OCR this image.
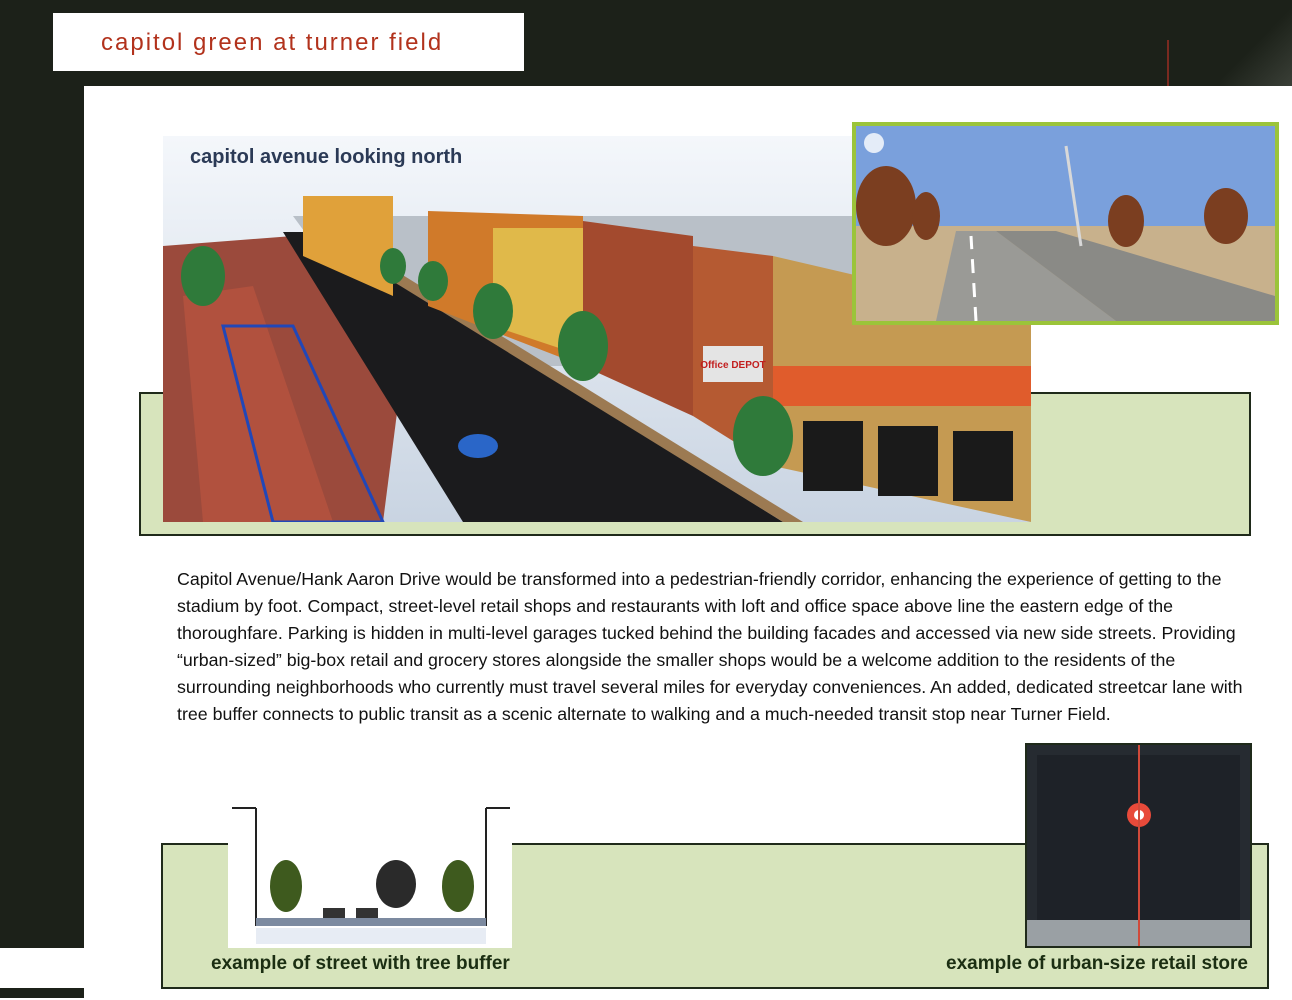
capitol green at turner field
Office DEPOT
capitol avenue looking north

Capitol Avenue/Hank Aaron Drive would be transformed into a pedestrian-friendly corridor, enhancing the experience of getting to the stadium by foot. Compact, street-level retail shops and restaurants with loft and office space above line the eastern edge of the thoroughfare. Parking is hidden in multi-level garages tucked behind the building facades and accessed via new side streets. Providing “urban-sized” big-box retail and grocery stores alongside the smaller shops would be a welcome addition to the residents of the surrounding neighborhoods who currently must travel several miles for everyday conveniences. An added, dedicated streetcar lane with tree buffer connects to public transit as a scenic alternate to walking and a much-needed transit stop near Turner Field.

example of street with tree buffer	example of urban-size retail store
